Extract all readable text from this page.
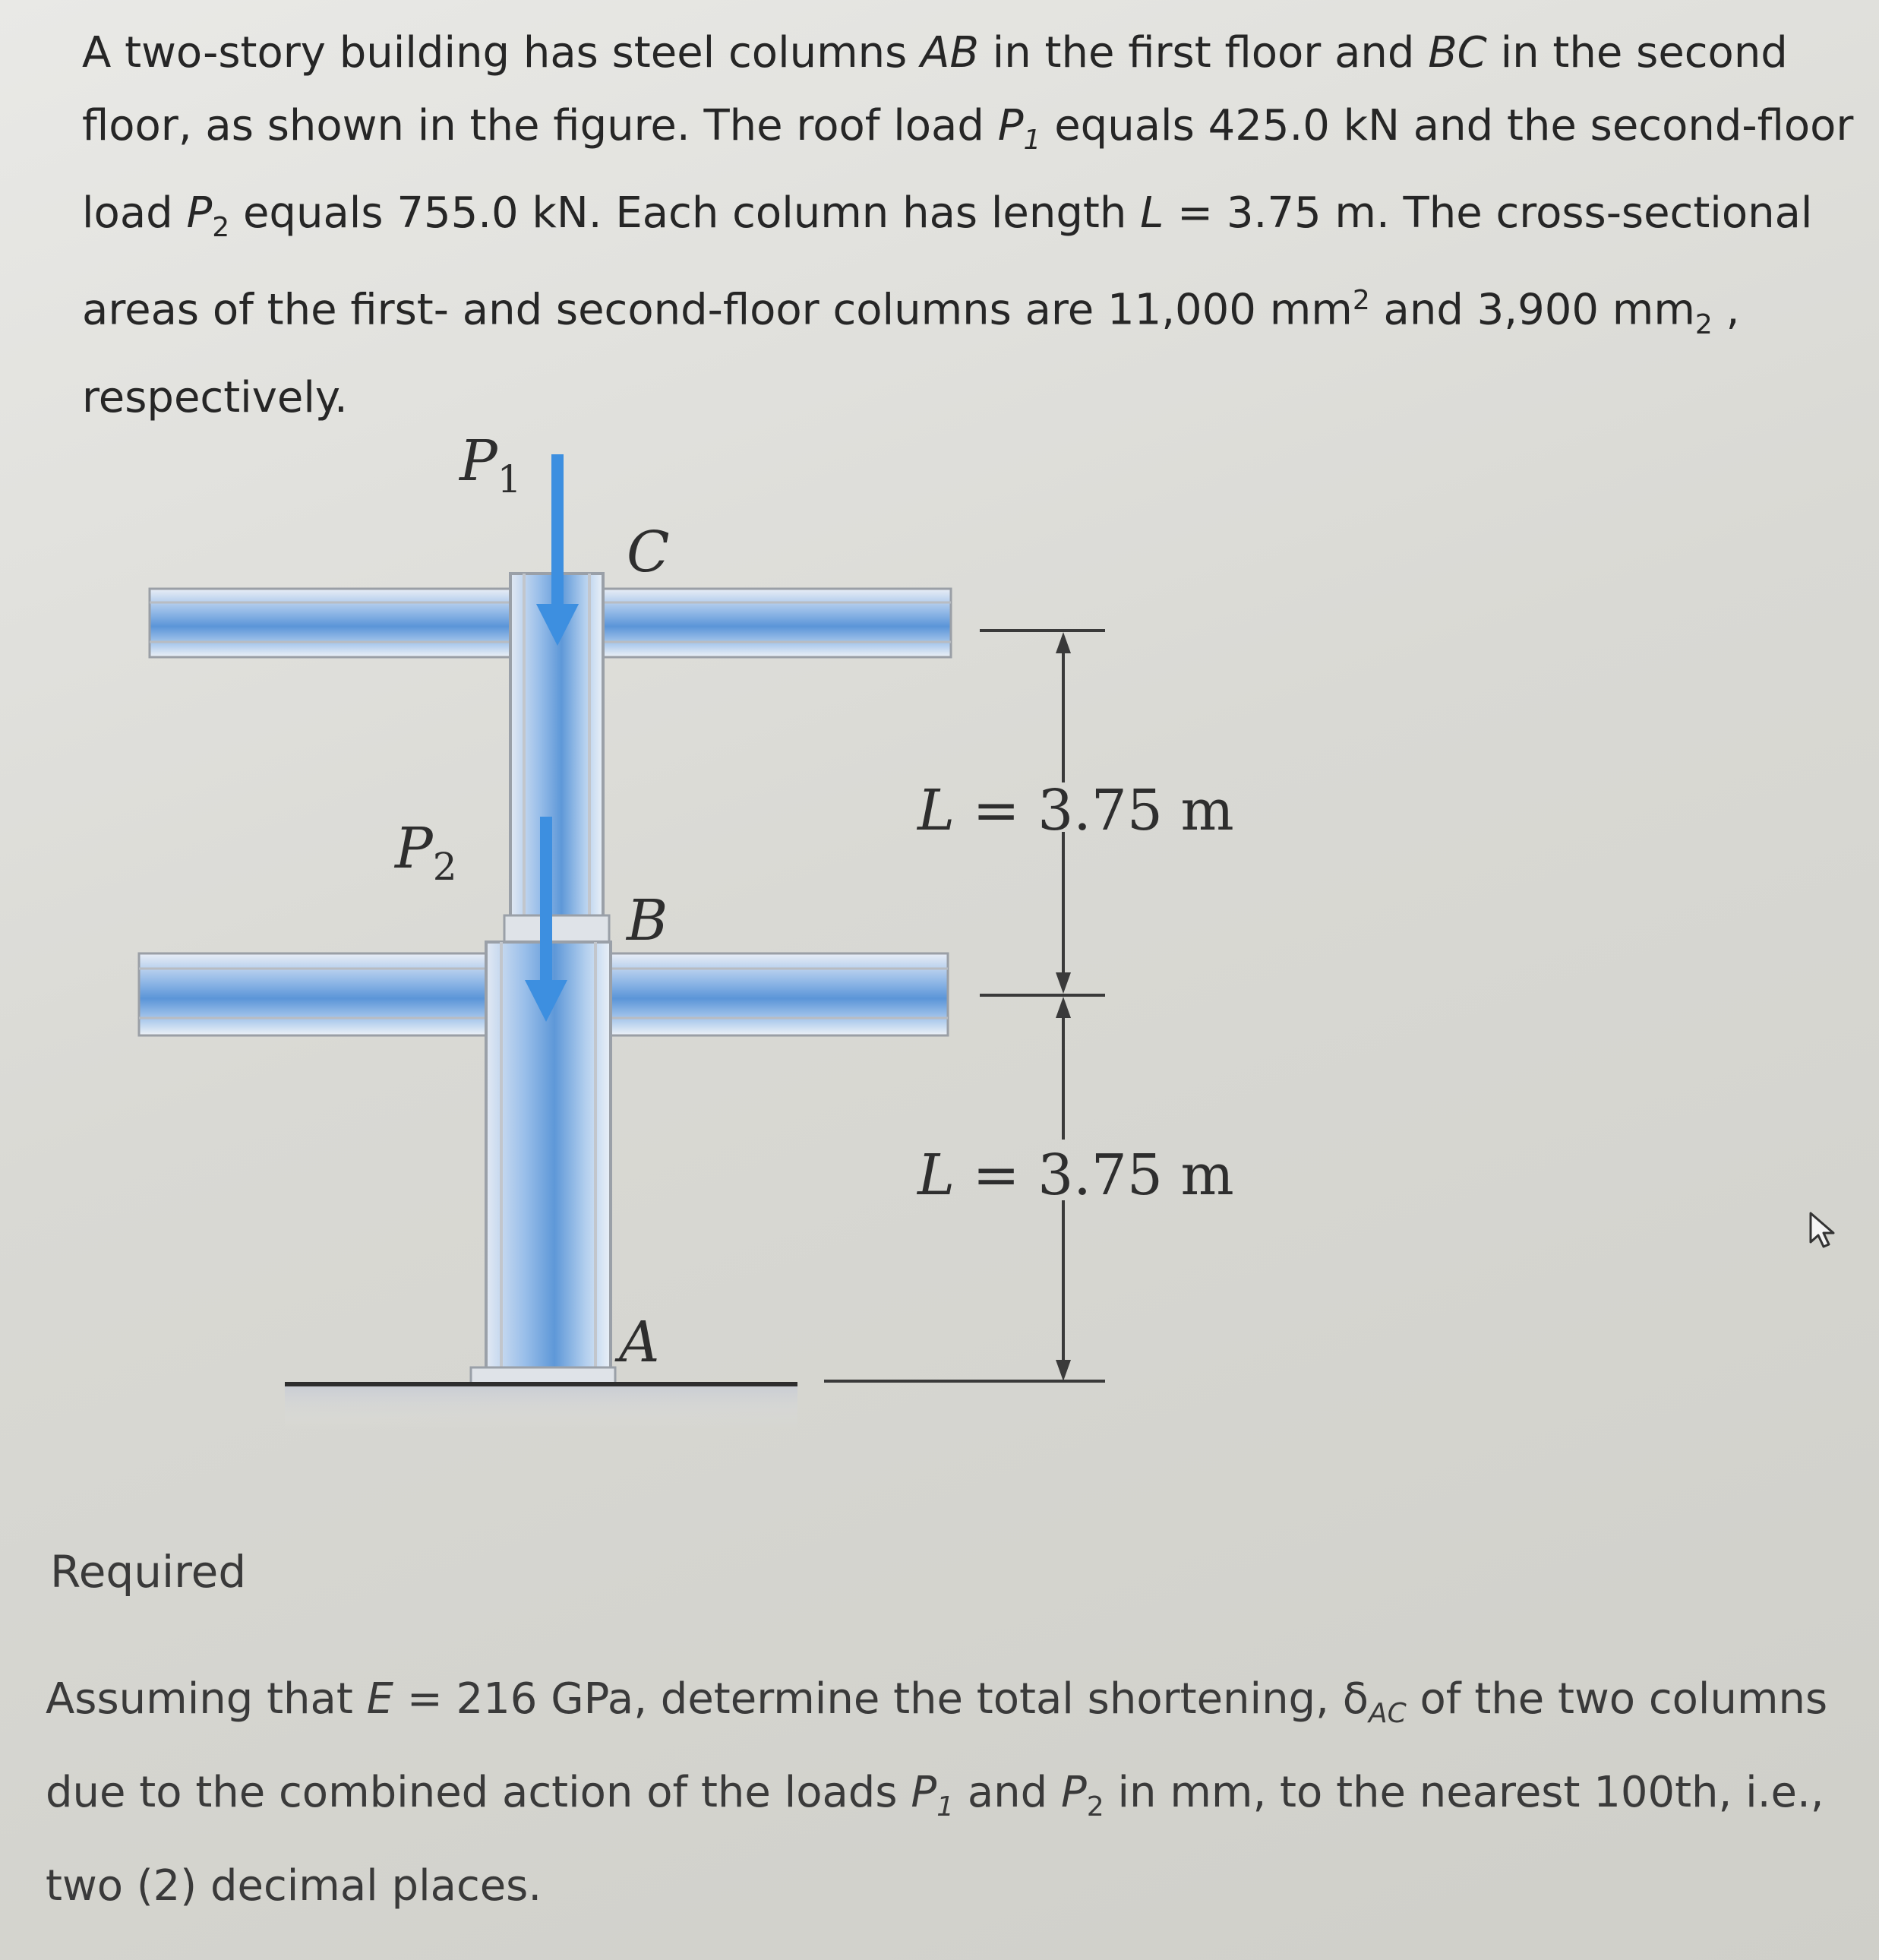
A two-story building has steel columns AB in the first floor and BC in the second
floor, as shown in the figure. The roof load $P_1$ equals 425.0 kN and the second-floor
load $P_2$ equals 755.0 kN. Each column has length L = 3.75 m. The cross-sectional
areas of the first- and second-floor columns are 11,000 $mm^2$ and 3,900 $mm_2$ ,
respectively.
$P_1$
C
$P_2$
B
A
L = 3.75 m
L = 3.75 m
Required
Assuming that E = 216 GPa, determine the total shortening, $\delta_{AC}$ of the two columns
due to the combined action of the loads $P_1$ and $P_2$ in mm, to the nearest 100th, i.e.,
two (2) decimal places.
